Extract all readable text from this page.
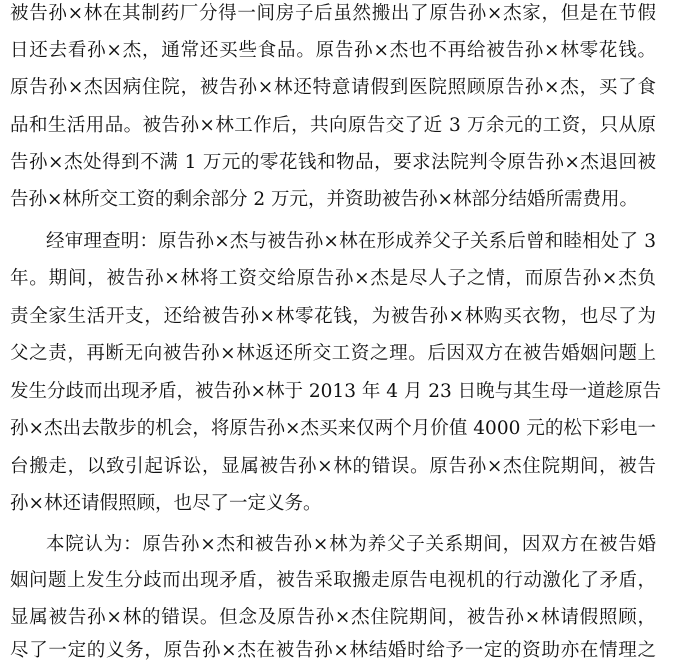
被告孙×林在其制药厂分得一间房子后虽然搬出了原告孙×杰家，但是在节假
日还去看孙×杰，通常还买些食品。原告孙×杰也不再给被告孙×林零花钱。
原告孙×杰因病住院，被告孙×林还特意请假到医院照顾原告孙×杰，买了食
品和生活用品。被告孙×林工作后，共向原告交了近 3 万余元的工资，只从原
告孙×杰处得到不满 1 万元的零花钱和物品，要求法院判令原告孙×杰退回被
告孙×林所交工资的剩余部分 2 万元，并资助被告孙×林部分结婚所需费用。
经审理查明：原告孙×杰与被告孙×林在形成养父子关系后曾和睦相处了 3
年。期间，被告孙×林将工资交给原告孙×杰是尽人子之情，而原告孙×杰负
责全家生活开支，还给被告孙×林零花钱，为被告孙×林购买衣物，也尽了为
父之责，再断无向被告孙×林返还所交工资之理。后因双方在被告婚姻问题上
发生分歧而出现矛盾，被告孙×林于 2013 年 4 月 23 日晚与其生母一道趁原告
孙×杰出去散步的机会，将原告孙×杰买来仅两个月价值 4000 元的松下彩电一
台搬走，以致引起诉讼，显属被告孙×林的错误。原告孙×杰住院期间，被告
孙×林还请假照顾，也尽了一定义务。
本院认为：原告孙×杰和被告孙×林为养父子关系期间，因双方在被告婚
姻问题上发生分歧而出现矛盾，被告采取搬走原告电视机的行动激化了矛盾，
显属被告孙×林的错误。但念及原告孙×杰住院期间，被告孙×林请假照顾，
尽了一定的义务，原告孙×杰在被告孙×林结婚时给予一定的资助亦在情理之
